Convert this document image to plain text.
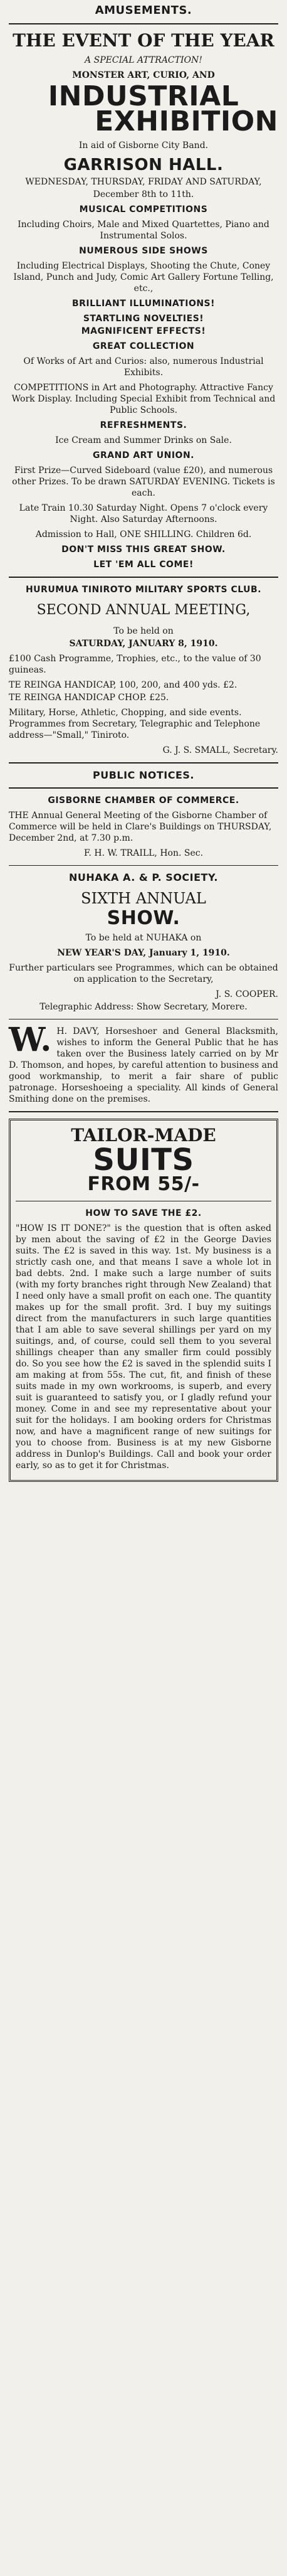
AMUSEMENTS.
THE EVENT OF THE YEAR
A SPECIAL ATTRACTION!
MONSTER ART, CURIO, AND
INDUSTRIAL
EXHIBITION
In aid of Gisborne City Band.
GARRISON HALL.
WEDNESDAY, THURSDAY, FRIDAY AND SATURDAY,
December 8th to 11th.
MUSICAL COMPETITIONS
Including Choirs, Male and Mixed Quartettes, Piano and Instrumental Solos.
NUMEROUS SIDE SHOWS
Including Electrical Displays, Shooting the Chute, Coney Island, Punch and Judy, Comic Art Gallery Fortune Telling, etc.,
BRILLIANT ILLUMINATIONS!
STARTLING NOVELTIES!
MAGNIFICENT EFFECTS!
GREAT COLLECTION
Of Works of Art and Curios: also, numerous Industrial Exhibits.
COMPETITIONS in Art and Photography. Attractive Fancy Work Display. Including Special Exhibit from Technical and Public Schools.
REFRESHMENTS.
Ice Cream and Summer Drinks on Sale.
GRAND ART UNION.
First Prize—Curved Sideboard (value £20), and numerous other Prizes. To be drawn SATURDAY EVENING. Tickets is each.
Late Train 10.30 Saturday Night. Opens 7 o'clock every Night. Also Saturday Afternoons.
Admission to Hall, ONE SHILLING. Children 6d.
DON'T MISS THIS GREAT SHOW.
LET 'EM ALL COME!
HURUMUA TINIROTO MILITARY SPORTS CLUB.
SECOND ANNUAL MEETING,
To be held on
SATURDAY, JANUARY 8, 1910.
£100 Cash Programme, Trophies, etc., to the value of 30 guineas.
TE REINGA HANDICAP, 100, 200, and 400 yds. £2.
TE REINGA HANDICAP CHOP. £25.
Military, Horse, Athletic, Chopping, and side events. Programmes from Secretary, Telegraphic and Telephone address—"Small," Tiniroto.
G. J. S. SMALL, Secretary.
PUBLIC NOTICES.
GISBORNE CHAMBER OF COMMERCE.
THE Annual General Meeting of the Gisborne Chamber of Commerce will be held in Clare's Buildings on THURSDAY, December 2nd, at 7.30 p.m.
F. H. W. TRAILL, Hon. Sec.
NUHAKA A. & P. SOCIETY.
SIXTH ANNUAL
SHOW.
To be held at NUHAKA on
NEW YEAR'S DAY, January 1, 1910.
Further particulars see Programmes, which can be obtained on application to the Secretary,
J. S. COOPER.
Telegraphic Address: Show Secretary, Morere.
W. H. DAVY, Horseshoer and General Blacksmith, wishes to inform the General Public that he has taken over the Business lately carried on by Mr D. Thomson, and hopes, by careful attention to business and good workmanship, to merit a fair share of public patronage. Horseshoeing a speciality. All kinds of General Smithing done on the premises.
TAILOR-MADE
SUITS
FROM 55/-
HOW TO SAVE THE £2.
"HOW IS IT DONE?" is the question that is often asked by men about the saving of £2 in the George Davies suits. The £2 is saved in this way. 1st. My business is a strictly cash one, and that means I save a whole lot in bad debts. 2nd. I make such a large number of suits (with my forty branches right through New Zealand) that I need only have a small profit on each one. The quantity makes up for the small profit. 3rd. I buy my suitings direct from the manufacturers in such large quantities that I am able to save several shillings per yard on my suitings, and, of course, could sell them to you several shillings cheaper than any smaller firm could possibly do. So you see how the £2 is saved in the splendid suits I am making at from 55s. The cut, fit, and finish of these suits made in my own workrooms, is superb, and every suit is guaranteed to satisfy you, or I gladly refund your money. Come in and see my representative about your suit for the holidays. I am booking orders for Christmas now, and have a magnificent range of new suitings for you to choose from. Business is at my new Gisborne address in Dunlop's Buildings. Call and book your order early, so as to get it for Christmas.
